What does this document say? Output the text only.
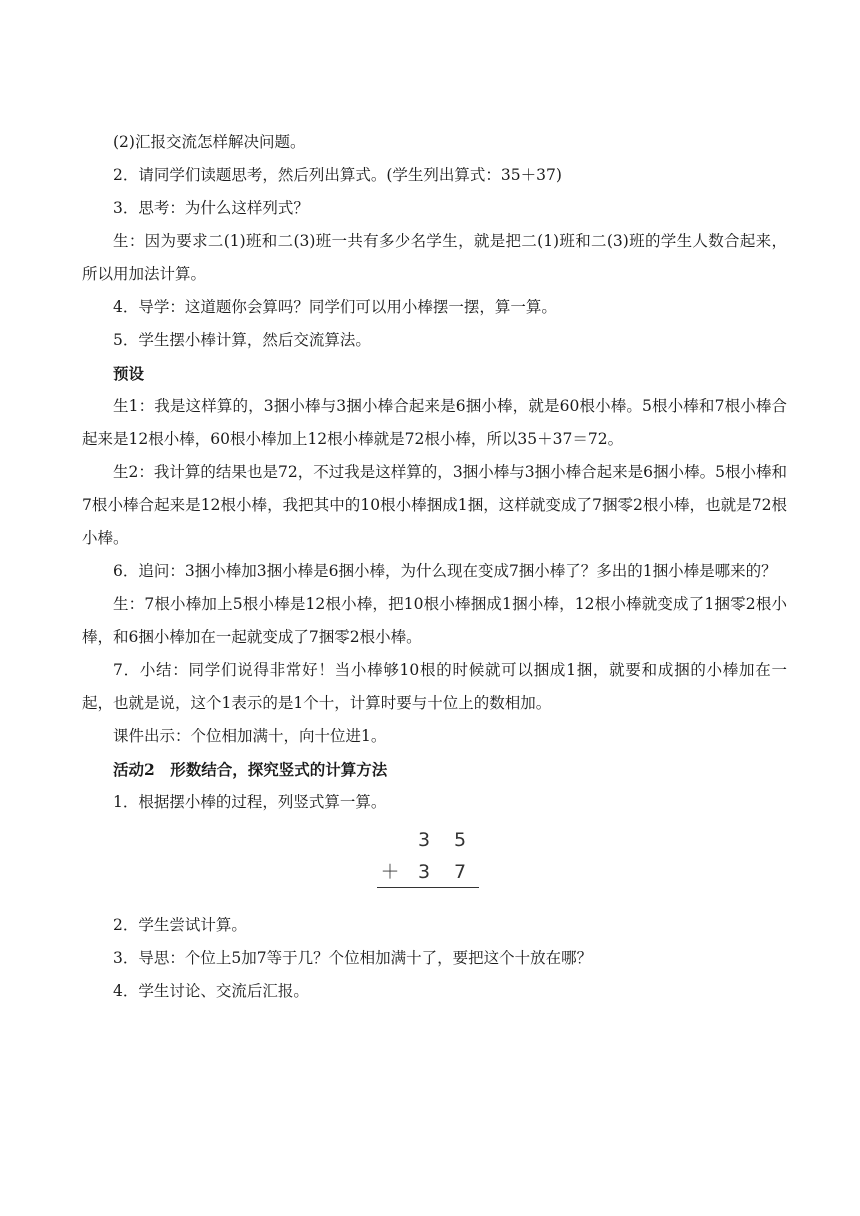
(2)汇报交流怎样解决问题。

2．请同学们读题思考，然后列出算式。(学生列出算式：35＋37)

3．思考：为什么这样列式？

生：因为要求二(1)班和二(3)班一共有多少名学生，就是把二(1)班和二(3)班的学生人数合起来，所以用加法计算。

4．导学：这道题你会算吗？同学们可以用小棒摆一摆，算一算。

5．学生摆小棒计算，然后交流算法。

预设

生1：我是这样算的，3捆小棒与3捆小棒合起来是6捆小棒，就是60根小棒。5根小棒和7根小棒合起来是12根小棒，60根小棒加上12根小棒就是72根小棒，所以35＋37＝72。

生2：我计算的结果也是72，不过我是这样算的，3捆小棒与3捆小棒合起来是6捆小棒。5根小棒和7根小棒合起来是12根小棒，我把其中的10根小棒捆成1捆，这样就变成了7捆零2根小棒，也就是72根小棒。

6．追问：3捆小棒加3捆小棒是6捆小棒，为什么现在变成7捆小棒了？多出的1捆小棒是哪来的？

生：7根小棒加上5根小棒是12根小棒，把10根小棒捆成1捆小棒，12根小棒就变成了1捆零2根小棒，和6捆小棒加在一起就变成了7捆零2根小棒。

7．小结：同学们说得非常好！当小棒够10根的时候就可以捆成1捆，就要和成捆的小棒加在一起，也就是说，这个1表示的是1个十，计算时要与十位上的数相加。

课件出示：个位相加满十，向十位进1。

活动2　形数结合，探究竖式的计算方法

1．根据摆小棒的过程，列竖式算一算。

3 5
＋ 3 7

2．学生尝试计算。

3．导思：个位上5加7等于几？个位相加满十了，要把这个十放在哪？

4．学生讨论、交流后汇报。
